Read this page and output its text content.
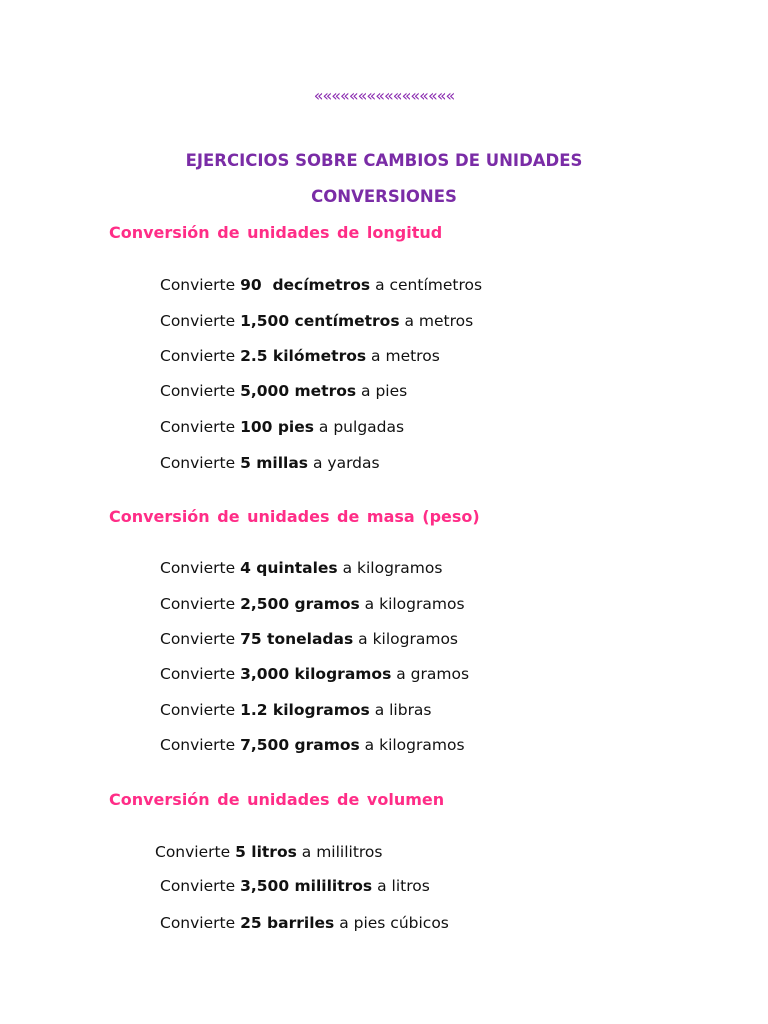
««««««««««««««««
EJERCICIOS SOBRE CAMBIOS DE UNIDADES
CONVERSIONES
Conversión de unidades de longitud
Convierte 90  decímetros a centímetros
Convierte 1,500 centímetros a metros
Convierte 2.5 kilómetros a metros
Convierte 5,000 metros a pies
Convierte 100 pies a pulgadas
Convierte 5 millas a yardas
Conversión de unidades de masa (peso)
Convierte 4 quintales a kilogramos
Convierte 2,500 gramos a kilogramos
Convierte 75 toneladas a kilogramos
Convierte 3,000 kilogramos a gramos
Convierte 1.2 kilogramos a libras
Convierte 7,500 gramos a kilogramos
Conversión de unidades de volumen
Convierte 5 litros a mililitros
Convierte 3,500 mililitros a litros
Convierte 25 barriles a pies cúbicos
